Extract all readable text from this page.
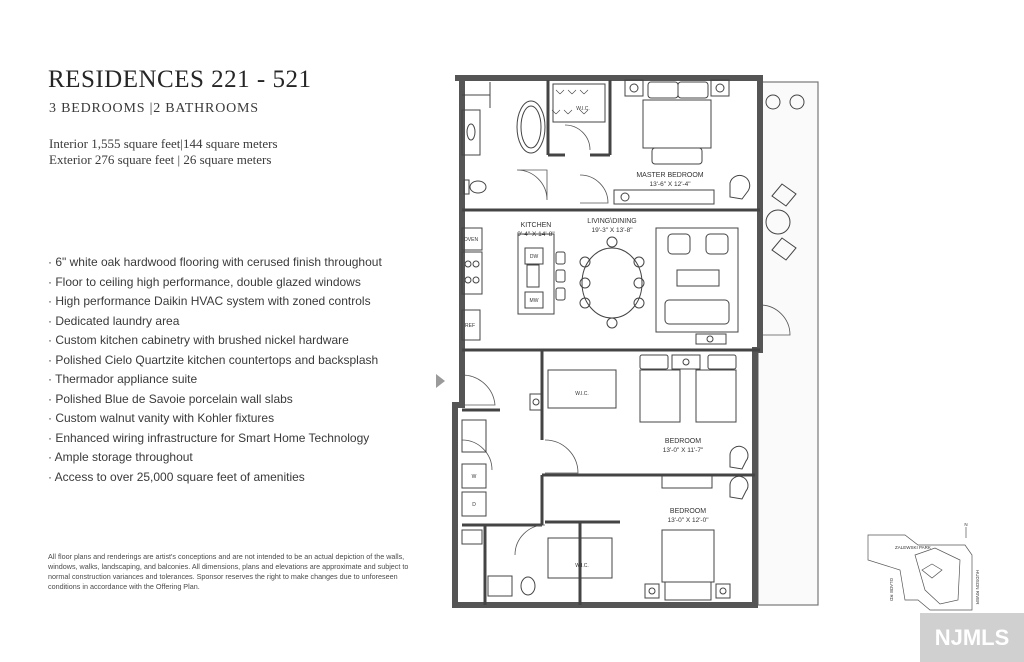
RESIDENCES 221 - 521
3 BEDROOMS |2 BATHROOMS
Interior 1,555 square feet|144 square meters
Exterior 276 square feet | 26 square meters
· 6" white oak hardwood flooring with cerused finish throughout
· Floor to ceiling high performance, double glazed windows
· High performance Daikin HVAC system with zoned controls
· Dedicated laundry area
· Custom kitchen cabinetry with brushed nickel hardware
· Polished Cielo Quartzite kitchen countertops and backsplash
· Thermador appliance suite
· Polished Blue de Savoie porcelain wall slabs
· Custom walnut vanity with Kohler fixtures
· Enhanced wiring infrastructure for Smart Home Technology
· Ample storage throughout
· Access to over 25,000 square feet of amenities

All floor plans and renderings are artist's conceptions and are not intended to be an actual depiction of the walls, windows, walks, landscaping, and balconies. All dimensions, plans and elevations are approximate and subject to normal construction variances and tolerances. Sponsor reserves the right to make changes due to unforeseen conditions in accordance with the Offering Plan.

MASTER BEDROOM
13'-6" X 12'-4"
KITCHEN
9'-4" X 14'-8"
LIVING\DINING
19'-3" X 13'-8"
BEDROOM
13'-0" X 11'-7"
BEDROOM
13'-0" X 12'-0"
W.I.C.
W.I.C.
W.I.C.
OVEN
REF
DW
MW
W
D
N
ZALEWSKI PARK
GLADE RD	HUDSON RIVER
NJMLS
